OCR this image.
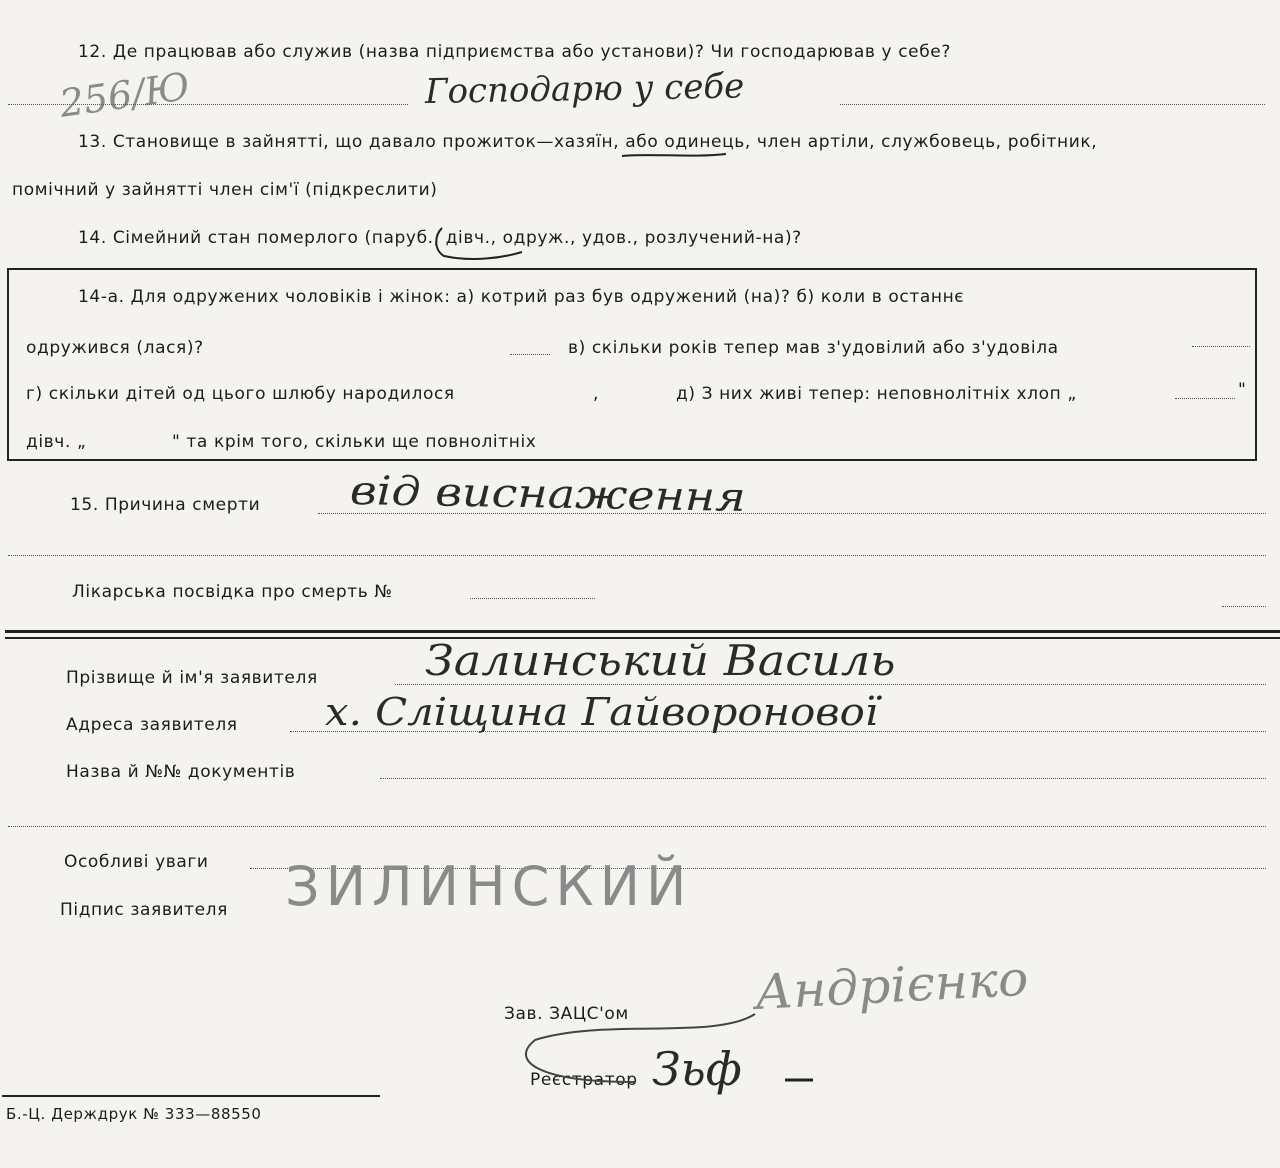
12. Де працював або служив (назва підприємства або установи)? Чи господарював у себе?
256/Ю	Господарю у себе
13. Становище в зайнятті, що давало прожиток—хазяїн, або одинець, член артіли, службовець, робітник,
помічний у зайнятті член сім'ї (підкреслити)
14. Сімейний стан померлого (паруб., дівч., одруж., удов., розлучений-на)?
14-а. Для одружених чоловіків і жінок: а) котрий раз був одружений (на)? б) коли в останнє
одружився (лася)?	в) скільки років тепер мав з'удовілий або з'удовіла
г) скільки дітей од цього шлюбу народилося	,	д) З них живі тепер: неповнолітніх хлоп „	"
дівч. „	" та крім того, скільки ще повнолітніх
15. Причина смерти від виснаження
Лікарська посвідка про смерть №
Прізвище й ім'я заявителя	Залинський Василь
Адреса заявителя х. Сліщина Гайворонової
Назва й №№ документів
Особливі уваги
Підпис заявителя ЗИЛИНСКИЙ
Зав. ЗАЦС'ом	Андрієнко
Реєстратор Зьф
Б.-Ц. Держдрук № 333—88550
